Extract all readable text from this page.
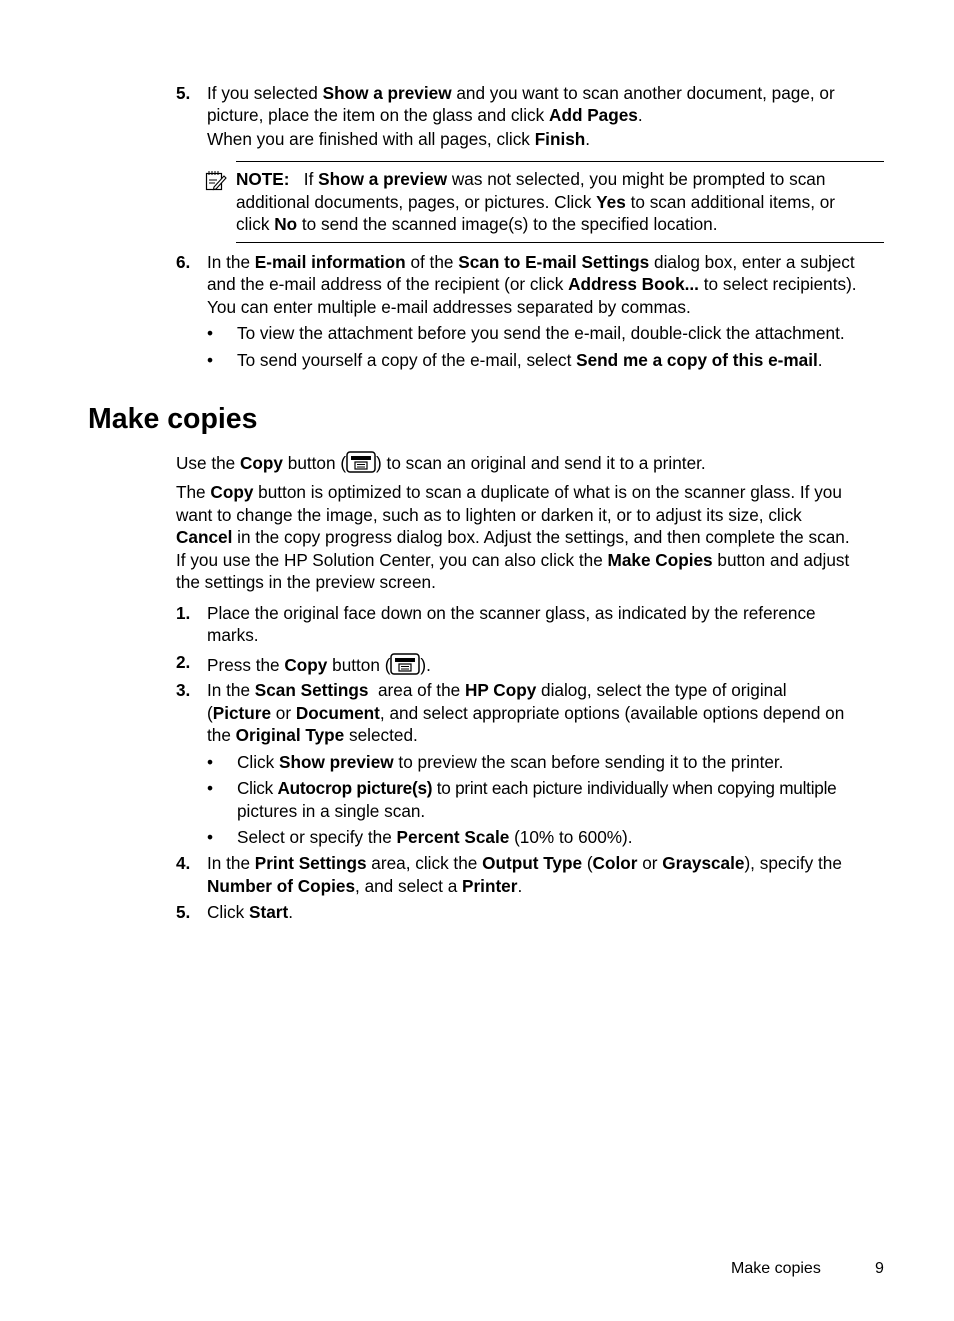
5. If you selected Show a preview and you want to scan another document, page, or
picture, place the item on the glass and click Add Pages.
When you are finished with all pages, click Finish.
NOTE:   If Show a preview was not selected, you might be prompted to scan
additional documents, pages, or pictures. Click Yes to scan additional items, or
click No to send the scanned image(s) to the specified location.
6. In the E-mail information of the Scan to E-mail Settings dialog box, enter a subject
and the e-mail address of the recipient (or click Address Book... to select recipients).
You can enter multiple e-mail addresses separated by commas.
• To view the attachment before you send the e-mail, double-click the attachment.
• To send yourself a copy of the e-mail, select Send me a copy of this e-mail.
Make copies
Use the Copy button ( ) to scan an original and send it to a printer.
The Copy button is optimized to scan a duplicate of what is on the scanner glass. If you
want to change the image, such as to lighten or darken it, or to adjust its size, click
Cancel in the copy progress dialog box. Adjust the settings, and then complete the scan.
If you use the HP Solution Center, you can also click the Make Copies button and adjust
the settings in the preview screen.
1. Place the original face down on the scanner glass, as indicated by the reference
marks.
2. Press the Copy button ( ).
3. In the Scan Settings  area of the HP Copy dialog, select the type of original
(Picture or Document, and select appropriate options (available options depend on
the Original Type selected.
• Click Show preview to preview the scan before sending it to the printer.
• Click Autocrop picture(s) to print each picture individually when copying multiple
pictures in a single scan.
• Select or specify the Percent Scale (10% to 600%).
4. In the Print Settings area, click the Output Type (Color or Grayscale), specify the
Number of Copies, and select a Printer.
5. Click Start.
Make copies	9
